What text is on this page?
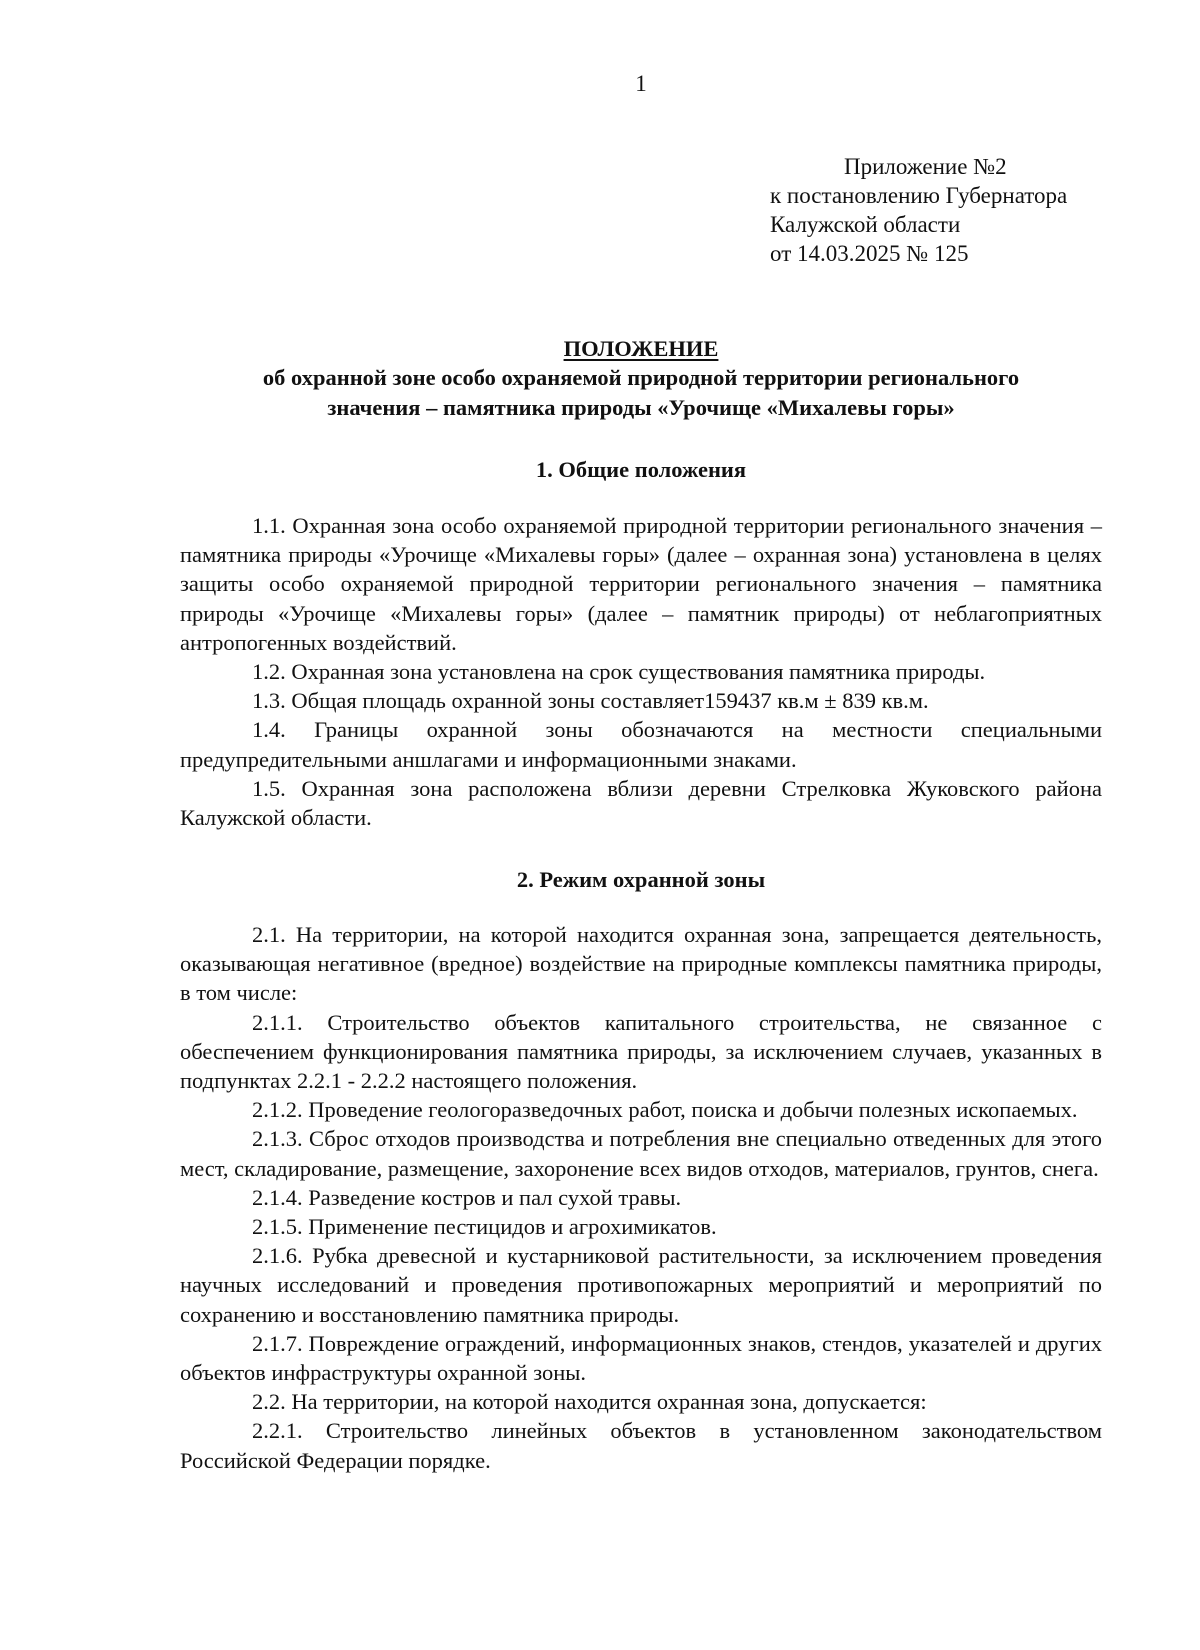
1
Приложение №2
к постановлению Губернатора
Калужской области
от 14.03.2025 № 125
ПОЛОЖЕНИЕ
об охранной зоне особо охраняемой природной территории регионального
значения – памятника природы «Урочище «Михалевы горы»
1. Общие положения

1.1. Охранная зона особо охраняемой природной территории регионального значения – памятника природы «Урочище «Михалевы горы» (далее – охранная зона) установлена в целях защиты особо охраняемой природной территории регионального значения – памятника природы «Урочище «Михалевы горы» (далее – памятник природы) от неблагоприятных антропогенных воздействий.

1.2. Охранная зона установлена на срок существования памятника природы.

1.3. Общая площадь охранной зоны составляет159437 кв.м ± 839 кв.м.

1.4. Границы охранной зоны обозначаются на местности специальными предупредительными аншлагами и информационными знаками.

1.5. Охранная зона расположена вблизи деревни Стрелковка Жуковского района Калужской области.

2. Режим охранной зоны

2.1. На территории, на которой находится охранная зона, запрещается деятельность, оказывающая негативное (вредное) воздействие на природные комплексы памятника природы, в том числе:

2.1.1. Строительство объектов капитального строительства, не связанное с обеспечением функционирования памятника природы, за исключением случаев, указанных в подпунктах 2.2.1 - 2.2.2 настоящего положения.

2.1.2. Проведение геологоразведочных работ, поиска и добычи полезных ископаемых.

2.1.3. Сброс отходов производства и потребления вне специально отведенных для этого мест, складирование, размещение, захоронение всех видов отходов, материалов, грунтов, снега.

2.1.4. Разведение костров и пал сухой травы.

2.1.5. Применение пестицидов и агрохимикатов.

2.1.6. Рубка древесной и кустарниковой растительности, за исключением проведения научных исследований и проведения противопожарных мероприятий и мероприятий по сохранению и восстановлению памятника природы.

2.1.7. Повреждение ограждений, информационных знаков, стендов, указателей и других объектов инфраструктуры охранной зоны.

2.2. На территории, на которой находится охранная зона, допускается:

2.2.1. Строительство линейных объектов в установленном законодательством Российской Федерации порядке.
